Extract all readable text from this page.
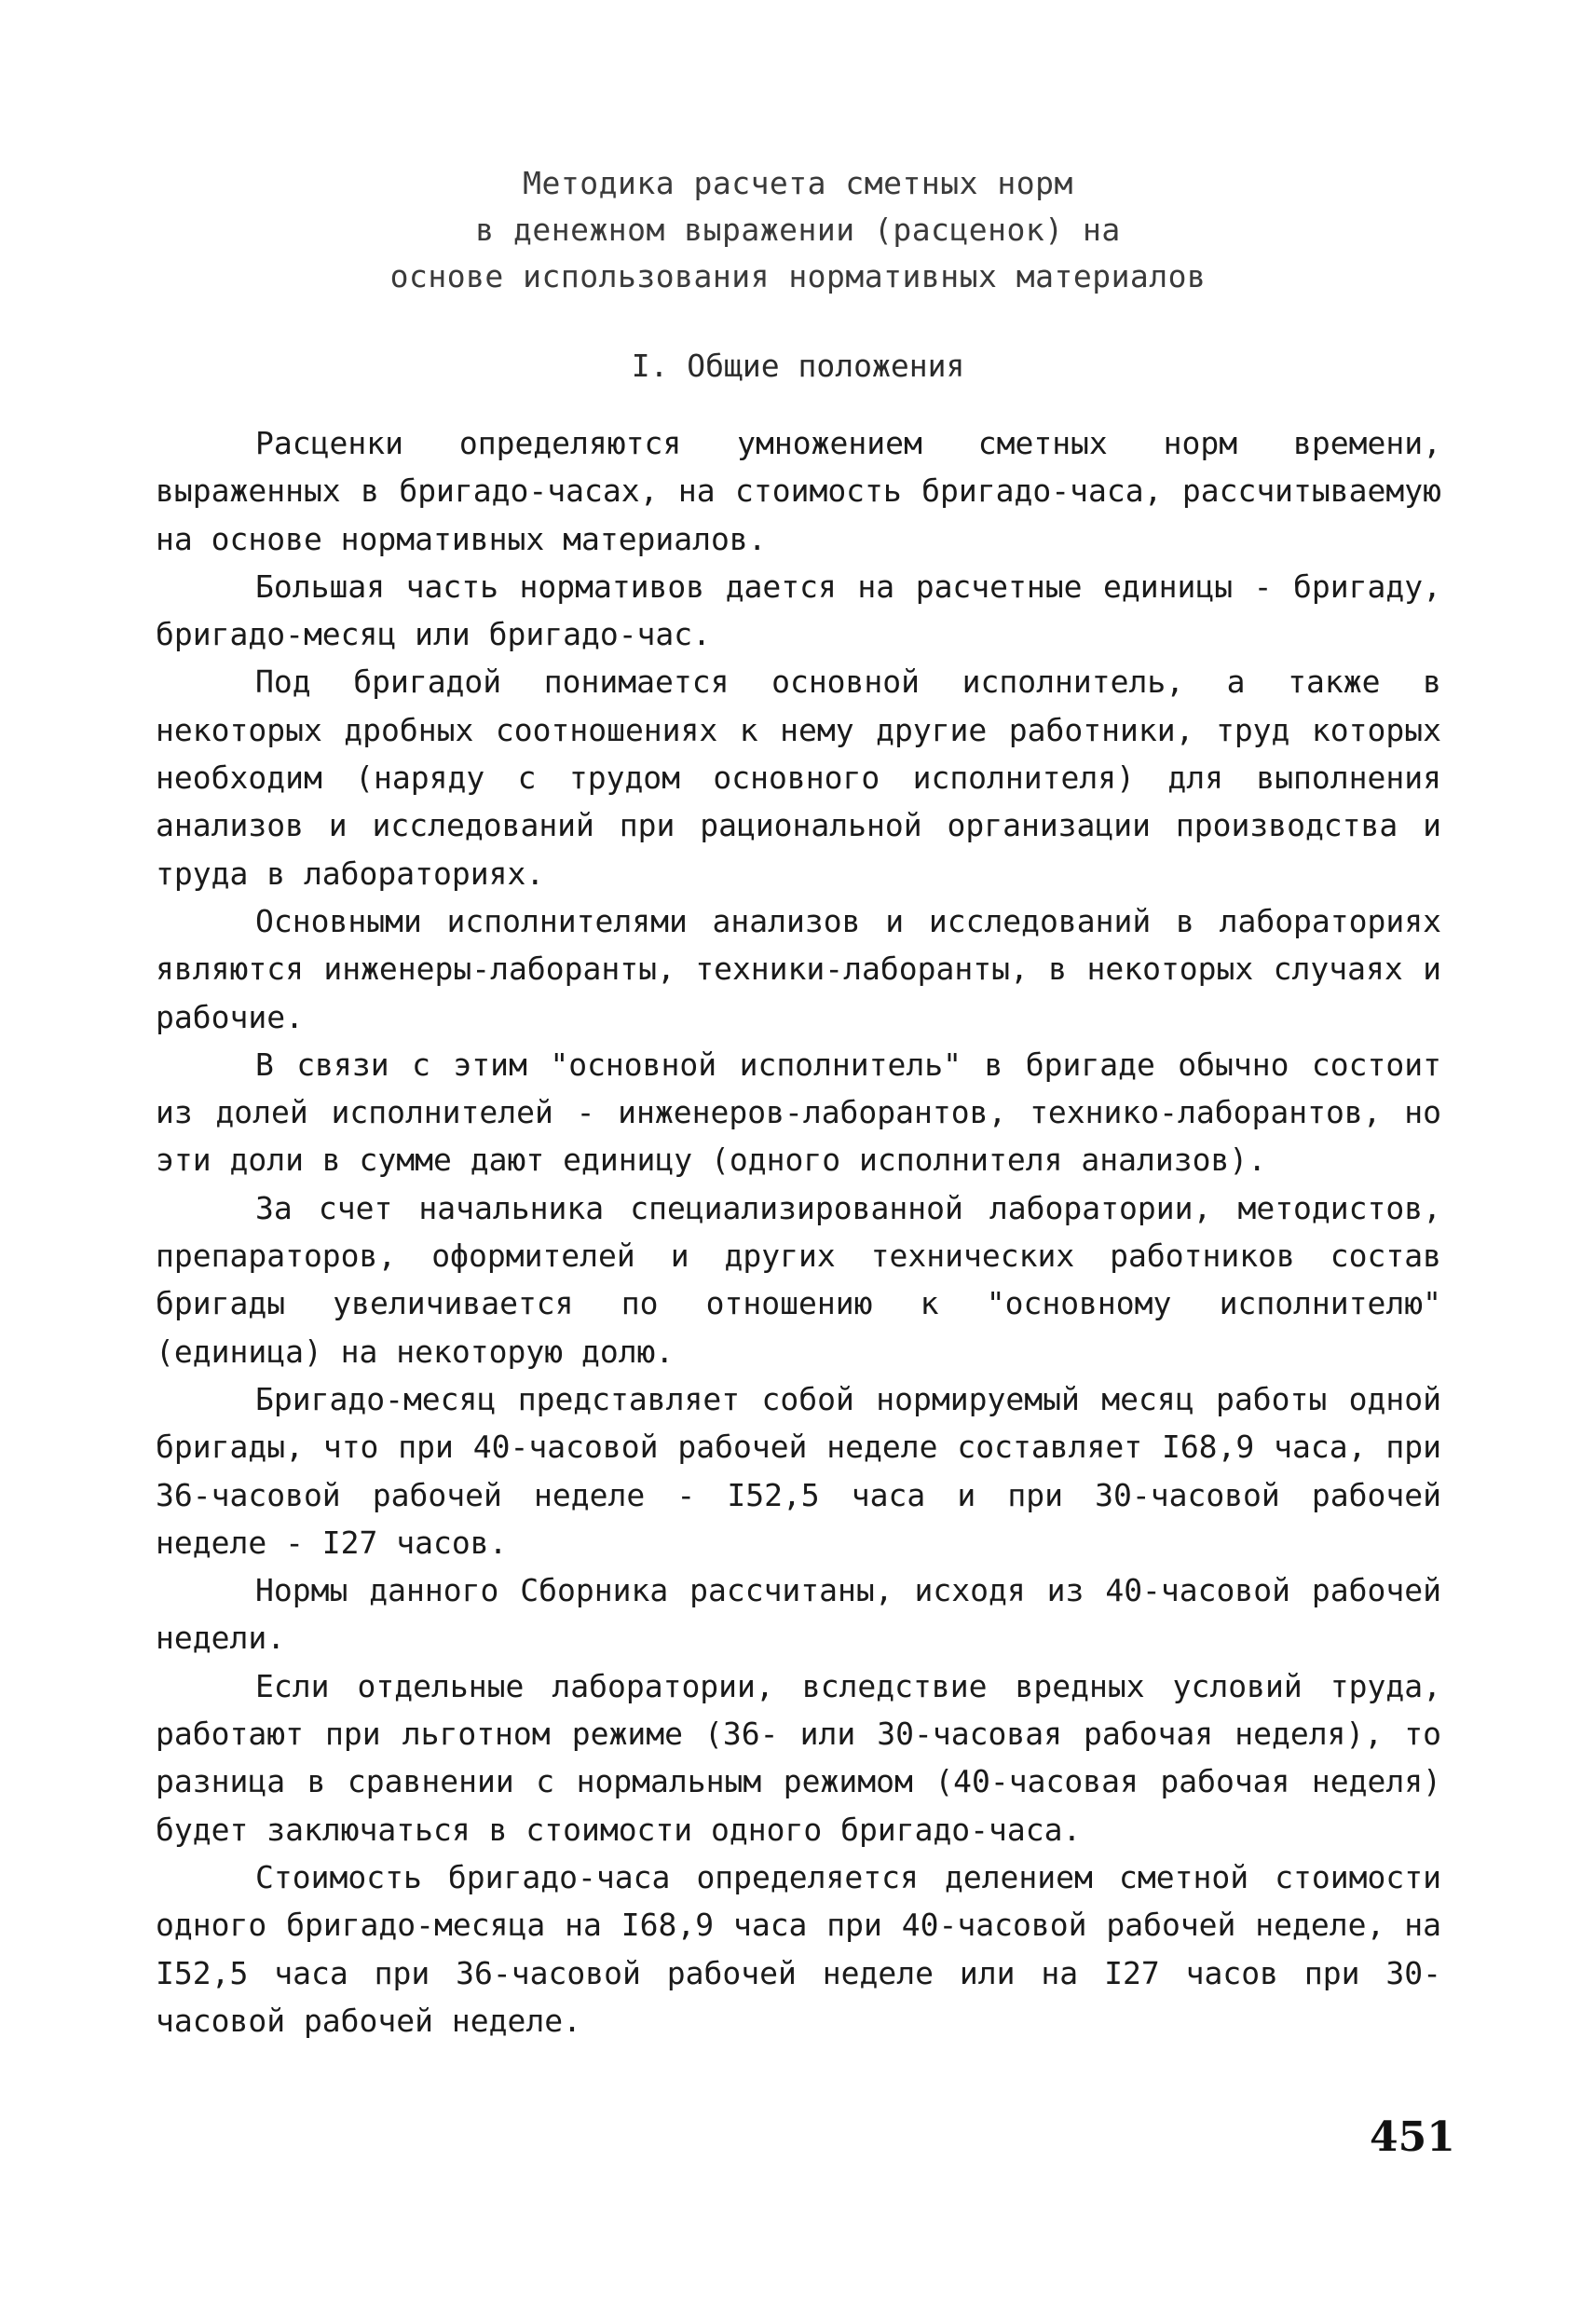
Методика расчета сметных норм
в денежном выражении (расценок) на
основе использования нормативных материалов
I. Общие положения

Расценки определяются умножением сметных норм времени, выраженных в бригадо-часах, на стоимость бригадо-часа, рассчитываемую на основе нормативных материалов.

Большая часть нормативов дается на расчетные единицы - бригаду, бригадо-месяц или бригадо-час.

Под бригадой понимается основной исполнитель, а также в некоторых дробных соотношениях к нему другие работники, труд которых необходим (наряду с трудом основного исполнителя) для выполнения анализов и исследований при рациональной организации производства и труда в лабораториях.

Основными исполнителями анализов и исследований в лабораториях являются инженеры-лаборанты, техники-лаборанты, в некоторых случаях и рабочие.

В связи с этим "основной исполнитель" в бригаде обычно состоит из долей исполнителей - инженеров-лаборантов, технико-лаборантов, но эти доли в сумме дают единицу (одного исполнителя анализов).

За счет начальника специализированной лаборатории, методистов, препараторов, оформителей и других технических работников состав бригады увеличивается по отношению к "основному исполнителю" (единица) на некоторую долю.

Бригадо-месяц представляет собой нормируемый месяц работы одной бригады, что при 40-часовой рабочей неделе составляет I68,9 часа, при 36-часовой рабочей неделе - I52,5 часа и при 30-часовой рабочей неделе - I27 часов.

Нормы данного Сборника рассчитаны, исходя из 40-часовой рабочей недели.

Если отдельные лаборатории, вследствие вредных условий труда, работают при льготном режиме (36- или 30-часовая рабочая неделя), то разница в сравнении с нормальным режимом (40-часовая рабочая неделя) будет заключаться в стоимости одного бригадо-часа.

Стоимость бригадо-часа определяется делением сметной стоимости одного бригадо-месяца на I68,9 часа при 40-часовой рабочей неделе, на I52,5 часа при 36-часовой рабочей неделе или на I27 часов при 30-часовой рабочей неделе.

451
